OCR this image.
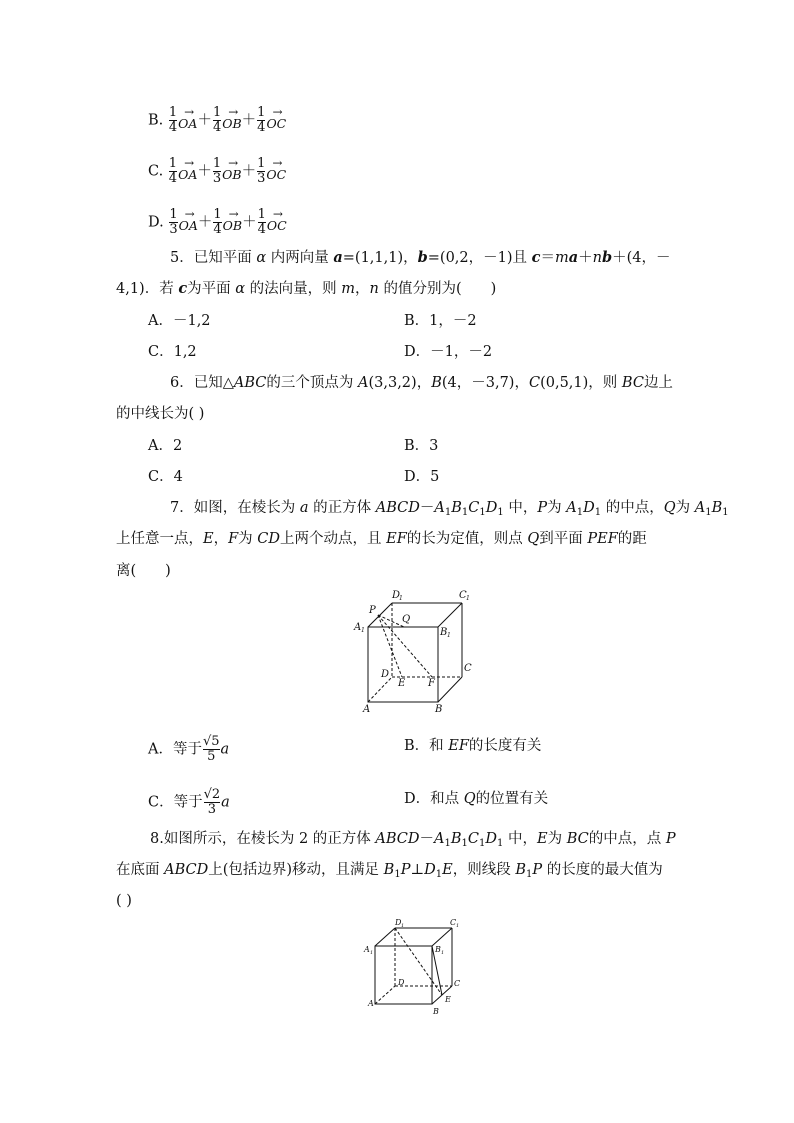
B. $\frac{1}{4}$
→ $OA+ \frac{1}{4}$
→ $OB+ \frac{1}{4}$
→ OC
C. $\frac{1}{4}$
→ $OA+ \frac{1}{3}$
→ $OB+ \frac{1}{3}$
→ OC
D. $\frac{1}{3}$
→ $OA+ \frac{1}{4}$
→ $OB+ \frac{1}{4}$
→ OC
5．已知平面 α 内两向量 a=(1,1,1)，b=(0,2，－1)且 c＝ma＋nb＋(4，－
4,1)．若 c为平面 α 的法向量，则 m，n 的值分别为(　　)
A．－1,2	B．1，－2
C．1,2	D．－1，－2
6．已知△ABC的三个顶点为 A(3,3,2)，B(4，－3,7)，C(0,5,1)，则 BC边上
的中线长为( )
A．2	B．3
C．4	D．5
7．如图，在棱长为 a 的正方体 $ABCD-A_1B_1C_1D_1$ 中，P为 $A_1D_1$ 的中点，Q为 $A_1B_1$
上任意一点，E，F为 CD上两个动点，且 EF的长为定值，则点 Q到平面 PEF的距
离(　　)
D
1	C 1
P
Q
A 1	B 1
C
D
E F
A	B
A．等于 $\frac{√5}{5}$ a	B．和 EF的长度有关
C．等于 $\frac{√2}{3}$ a	D．和点 Q的位置有关
8.如图所示，在棱长为 2 的正方体 $ABCD-A_1B_1C_1D_1$ 中，E为 BC的中点，点 P
在底面 ABCD上(包括边界)移动，且满足 $B_1P\perp D_1E$，则线段 $B_1P$ 的长度的最大值为
( )
D 1	C 1
A 1	B 1
D	C
E
A
B
